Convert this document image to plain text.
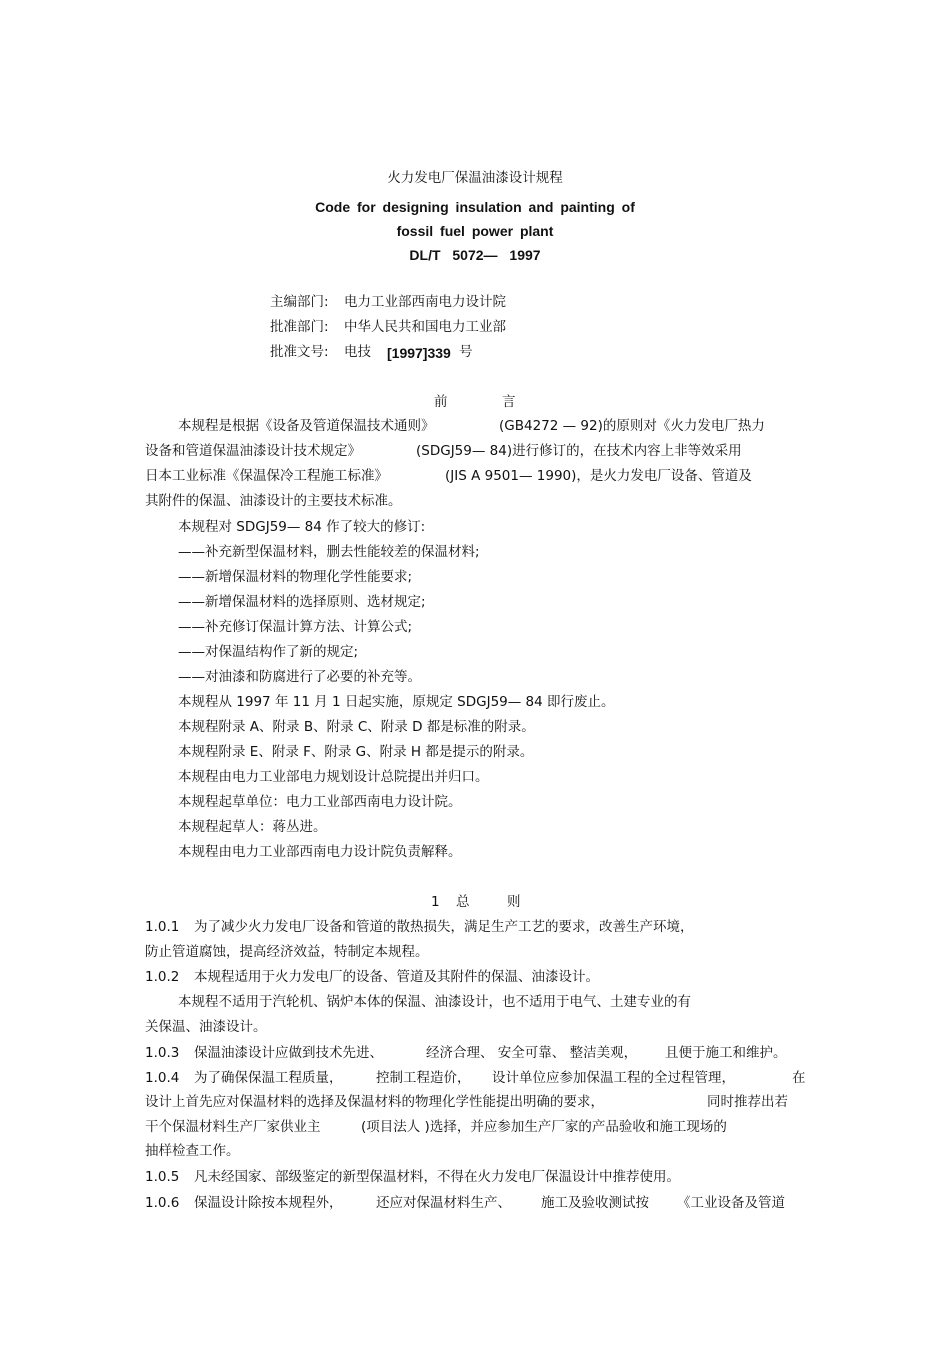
火力发电厂保温油漆设计规程
Code for designing insulation and painting of
fossil fuel power plant
DL/T 5072— 1997
主编部门: 电力工业部西南电力设计院
批准部门: 中华人民共和国电力工业部
批准文号: 电技 [1997]339 号
前	言
本规程是根据《设备及管道保温技术通则》	(GB4272 — 92)的原则对《火力发电厂热力
设备和管道保温油漆设计技术规定》	(SDGJ59— 84)进行修订的，在技术内容上非等效采用
日本工业标准《保温保冷工程施工标准》	(JIS A 9501— 1990)，是火力发电厂设备、管道及
其附件的保温、油漆设计的主要技术标准。
本规程对 SDGJ59— 84 作了较大的修订:
——补充新型保温材料，删去性能较差的保温材料;
——新增保温材料的物理化学性能要求;
——新增保温材料的选择原则、选材规定;
——补充修订保温计算方法、计算公式;
——对保温结构作了新的规定;
——对油漆和防腐进行了必要的补充等。
本规程从 1997 年 11 月 1 日起实施，原规定 SDGJ59— 84 即行废止。
本规程附录 A、附录 B、附录 C、附录 D 都是标准的附录。
本规程附录 E、附录 F、附录 G、附录 H 都是提示的附录。
本规程由电力工业部电力规划设计总院提出并归口。
本规程起草单位：电力工业部西南电力设计院。
本规程起草人：蒋丛进。
本规程由电力工业部西南电力设计院负责解释。
1 总	则
1.0.1 为了减少火力发电厂设备和管道的散热损失，满足生产工艺的要求，改善生产环境，
防止管道腐蚀，提高经济效益，特制定本规程。
1.0.2 本规程适用于火力发电厂的设备、管道及其附件的保温、油漆设计。
本规程不适用于汽轮机、锅炉本体的保温、油漆设计，也不适用于电气、土建专业的有
关保温、油漆设计。
1.0.3 保温油漆设计应做到技术先进、	经济合理、 安全可靠、 整洁美观， 且便于施工和维护。
1.0.4 为了确保保温工程质量， 控制工程造价， 设计单位应参加保温工程的全过程管理，	在
设计上首先应对保温材料的选择及保温材料的物理化学性能提出明确的要求，	同时推荐出若
干个保温材料生产厂家供业主	(项目法人 )选择，并应参加生产厂家的产品验收和施工现场的
抽样检查工作。
1.0.5 凡未经国家、部级鉴定的新型保温材料，不得在火力发电厂保温设计中推荐使用。
1.0.6 保温设计除按本规程外， 还应对保温材料生产、 施工及验收测试按 《工业设备及管道
